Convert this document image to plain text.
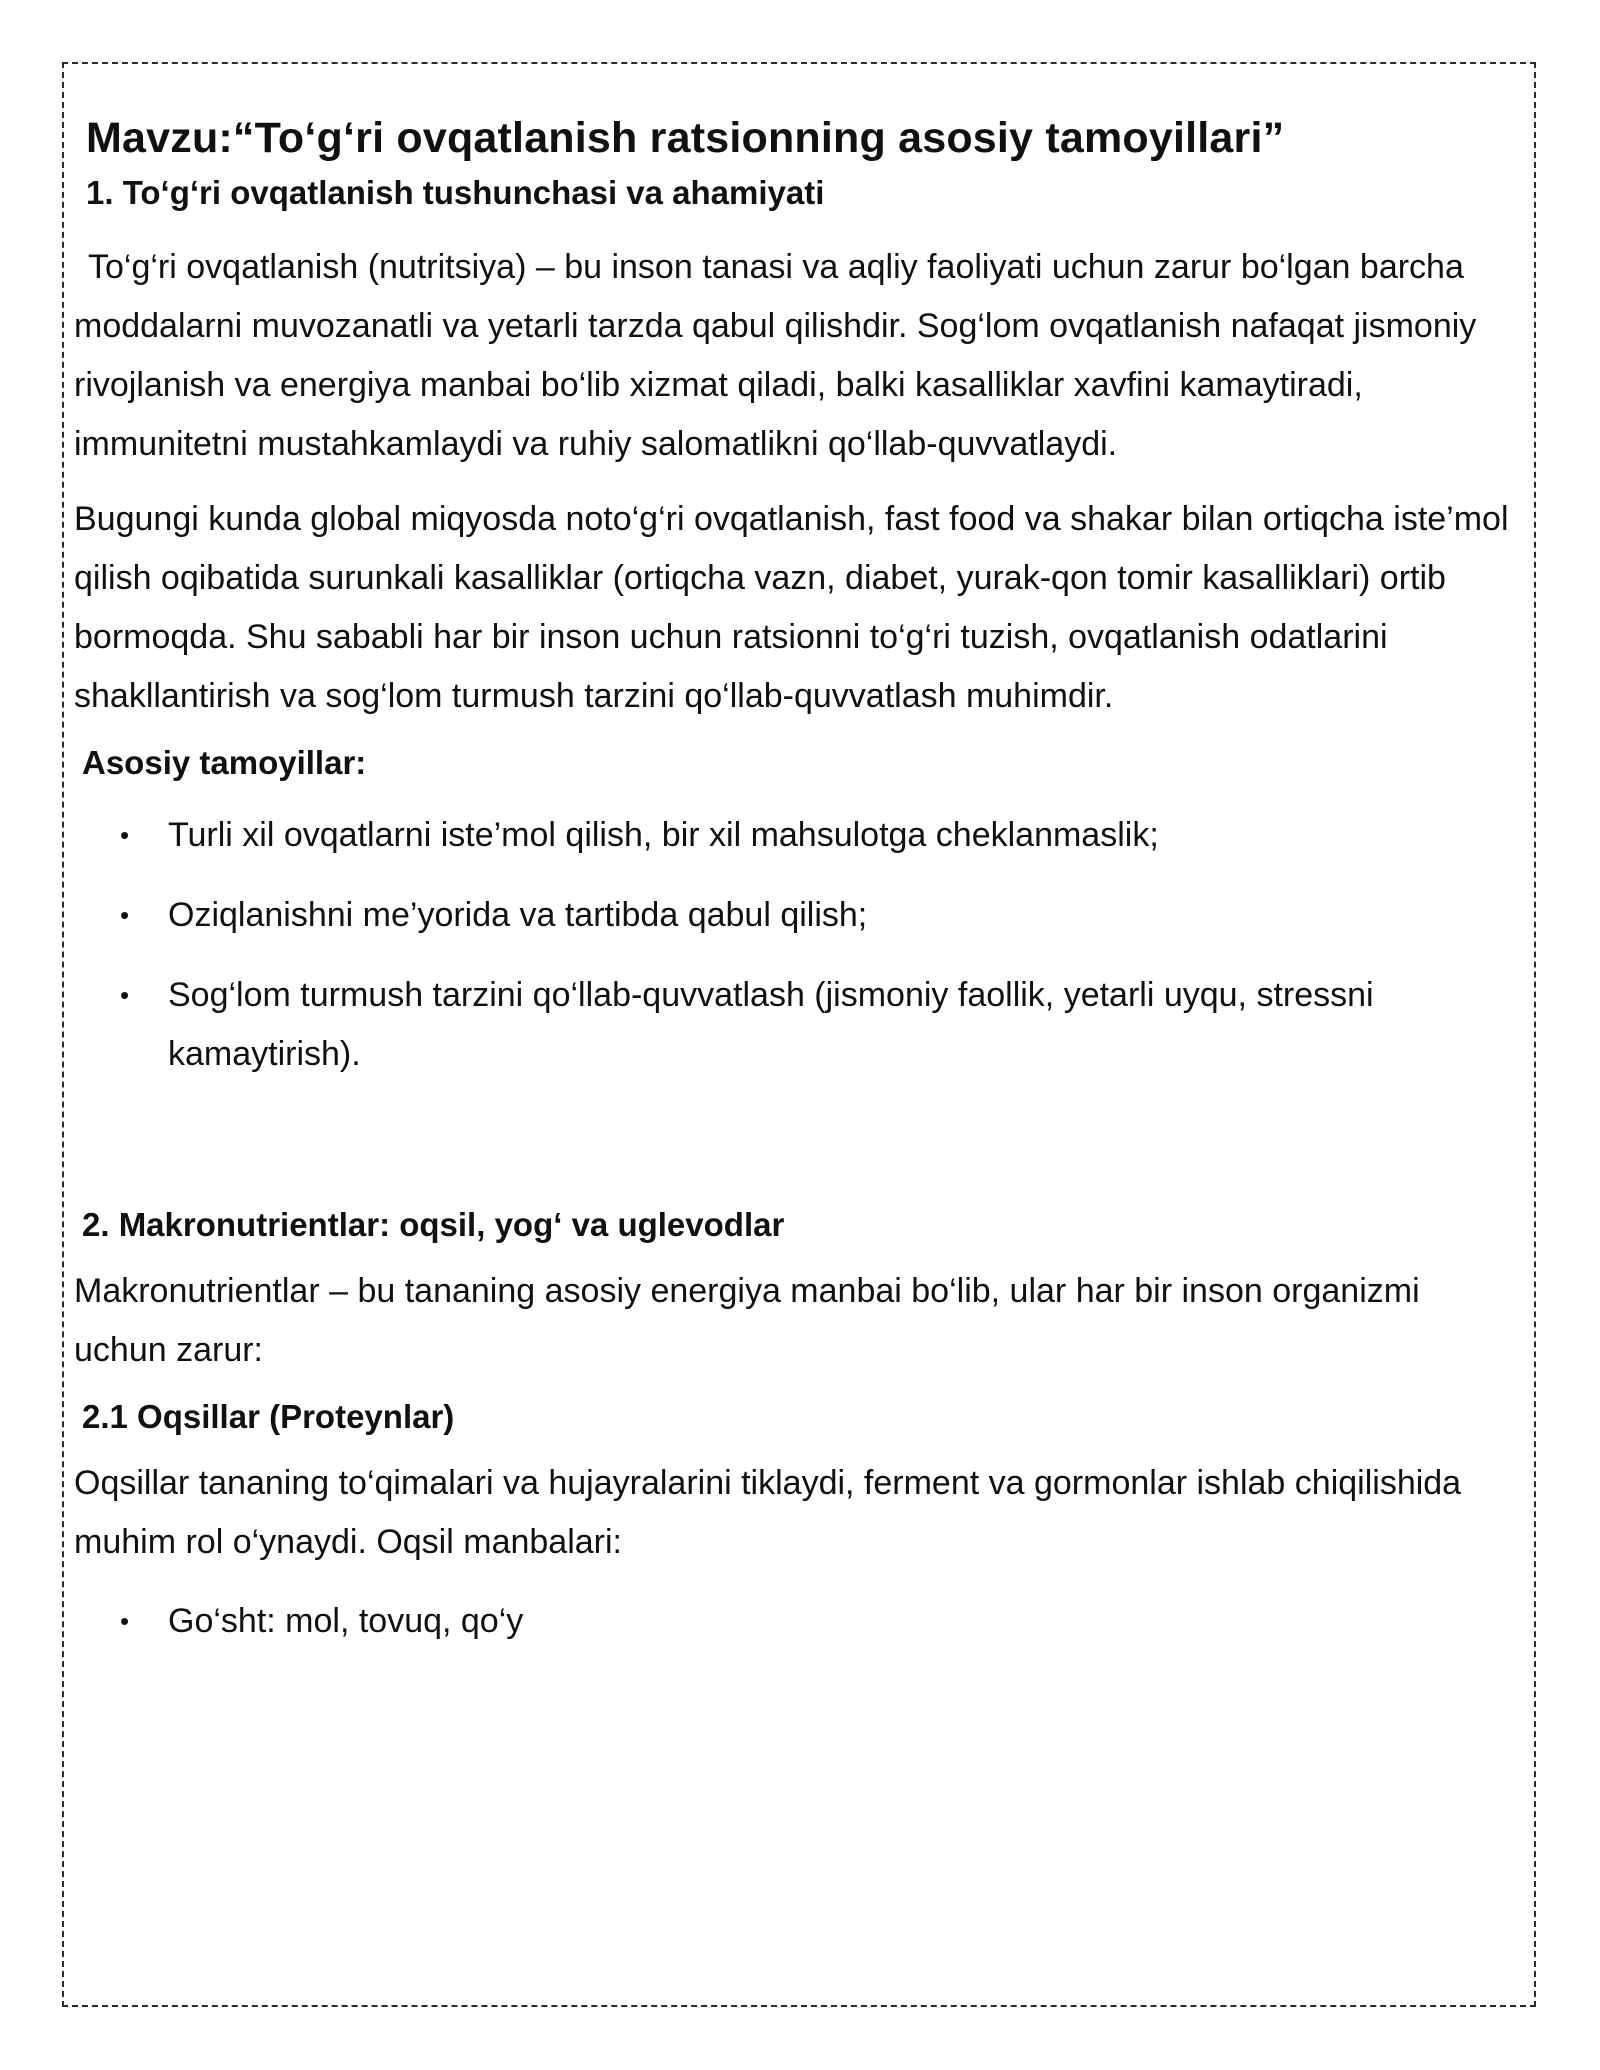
Mavzu:“To‘g‘ri ovqatlanish ratsionning asosiy tamoyillari”
1. To‘g‘ri ovqatlanish tushunchasi va ahamiyati

To‘g‘ri ovqatlanish (nutritsiya) – bu inson tanasi va aqliy faoliyati uchun zarur bo‘lgan barcha moddalarni muvozanatli va yetarli tarzda qabul qilishdir. Sog‘lom ovqatlanish nafaqat jismoniy rivojlanish va energiya manbai bo‘lib xizmat qiladi, balki kasalliklar xavfini kamaytiradi, immunitetni mustahkamlaydi va ruhiy salomatlikni qo‘llab-quvvatlaydi.

Bugungi kunda global miqyosda noto‘g‘ri ovqatlanish, fast food va shakar bilan ortiqcha iste’mol qilish oqibatida surunkali kasalliklar (ortiqcha vazn, diabet, yurak-qon tomir kasalliklari) ortib bormoqda. Shu sababli har bir inson uchun ratsionni to‘g‘ri tuzish, ovqatlanish odatlarini shakllantirish va sog‘lom turmush tarzini qo‘llab-quvvatlash muhimdir.

Asosiy tamoyillar:
• Turli xil ovqatlarni iste’mol qilish, bir xil mahsulotga cheklanmaslik;
• Oziqlanishni me’yorida va tartibda qabul qilish;
• Sog‘lom turmush tarzini qo‘llab-quvvatlash (jismoniy faollik, yetarli uyqu, stressni kamaytirish).
2. Makronutrientlar: oqsil, yog‘ va uglevodlar

Makronutrientlar – bu tananing asosiy energiya manbai bo‘lib, ular har bir inson organizmi uchun zarur:

2.1 Oqsillar (Proteynlar)

Oqsillar tananing to‘qimalari va hujayralarini tiklaydi, ferment va gormonlar ishlab chiqilishida muhim rol o‘ynaydi. Oqsil manbalari:

• Go‘sht: mol, tovuq, qo‘y
